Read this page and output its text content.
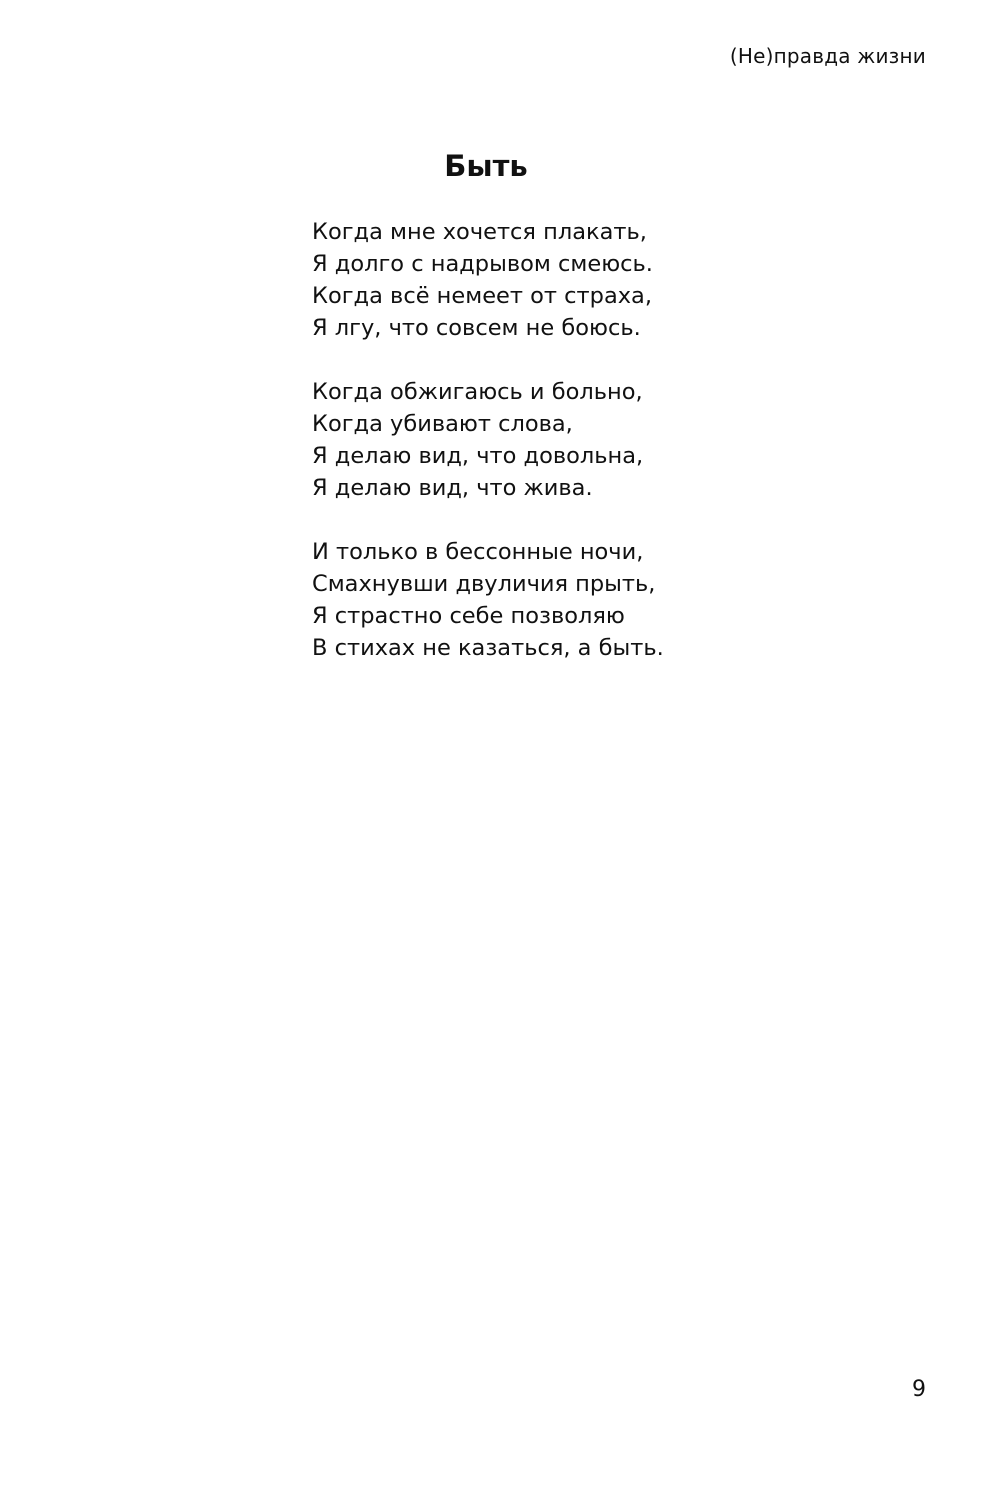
(Не)правда жизни
Быть
Когда мне хочется плакать,
Я долго с надрывом смеюсь.
Когда всё немеет от страха,
Я лгу, что совсем не боюсь.
Когда обжигаюсь и больно,
Когда убивают слова,
Я делаю вид, что довольна,
Я делаю вид, что жива.
И только в бессонные ночи,
Смахнувши двуличия прыть,
Я страстно себе позволяю
В стихах не казаться, а быть.
9
